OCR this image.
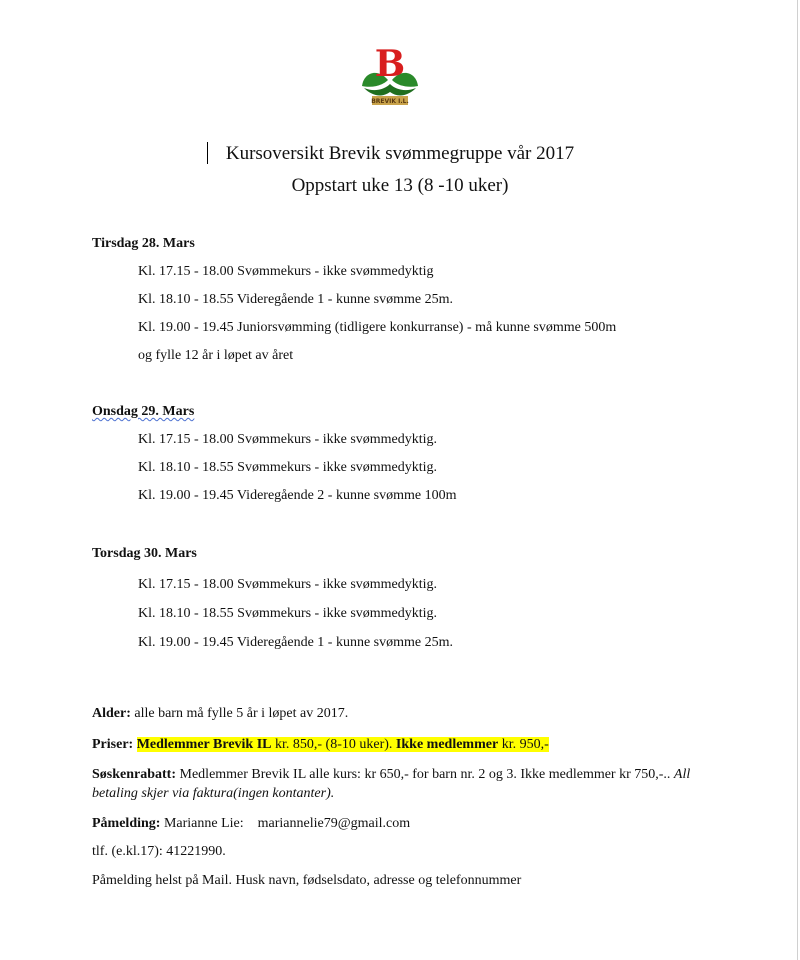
B
BREVIK I.L.
Kursoversikt Brevik svømmegruppe vår 2017
Oppstart uke 13 (8 -10 uker)
Tirsdag 28. Mars
Kl. 17.15 - 18.00 Svømmekurs - ikke svømmedyktig
Kl. 18.10 - 18.55 Videregående 1 - kunne svømme 25m.
Kl. 19.00 - 19.45 Juniorsvømming (tidligere konkurranse) - må kunne svømme 500m
og fylle 12 år i løpet av året
Onsdag 29. Mars
Kl. 17.15 - 18.00 Svømmekurs - ikke svømmedyktig.
Kl. 18.10 - 18.55 Svømmekurs - ikke svømmedyktig.
Kl. 19.00 - 19.45 Videregående 2 - kunne svømme 100m
Torsdag 30. Mars
Kl. 17.15 - 18.00 Svømmekurs - ikke svømmedyktig.
Kl. 18.10 - 18.55 Svømmekurs - ikke svømmedyktig.
Kl. 19.00 - 19.45 Videregående 1 - kunne svømme 25m.
Alder: alle barn må fylle 5 år i løpet av 2017.
Priser: Medlemmer Brevik IL kr. 850,- (8-10 uker). Ikke medlemmer kr. 950,-
Søskenrabatt: Medlemmer Brevik IL alle kurs: kr 650,- for barn nr. 2 og 3. Ikke medlemmer kr 750,-.. All betaling skjer via faktura(ingen kontanter).
Påmelding: Marianne Lie: mariannelie79@gmail.com
tlf. (e.kl.17): 41221990.
Påmelding helst på Mail. Husk navn, fødselsdato, adresse og telefonnummer
